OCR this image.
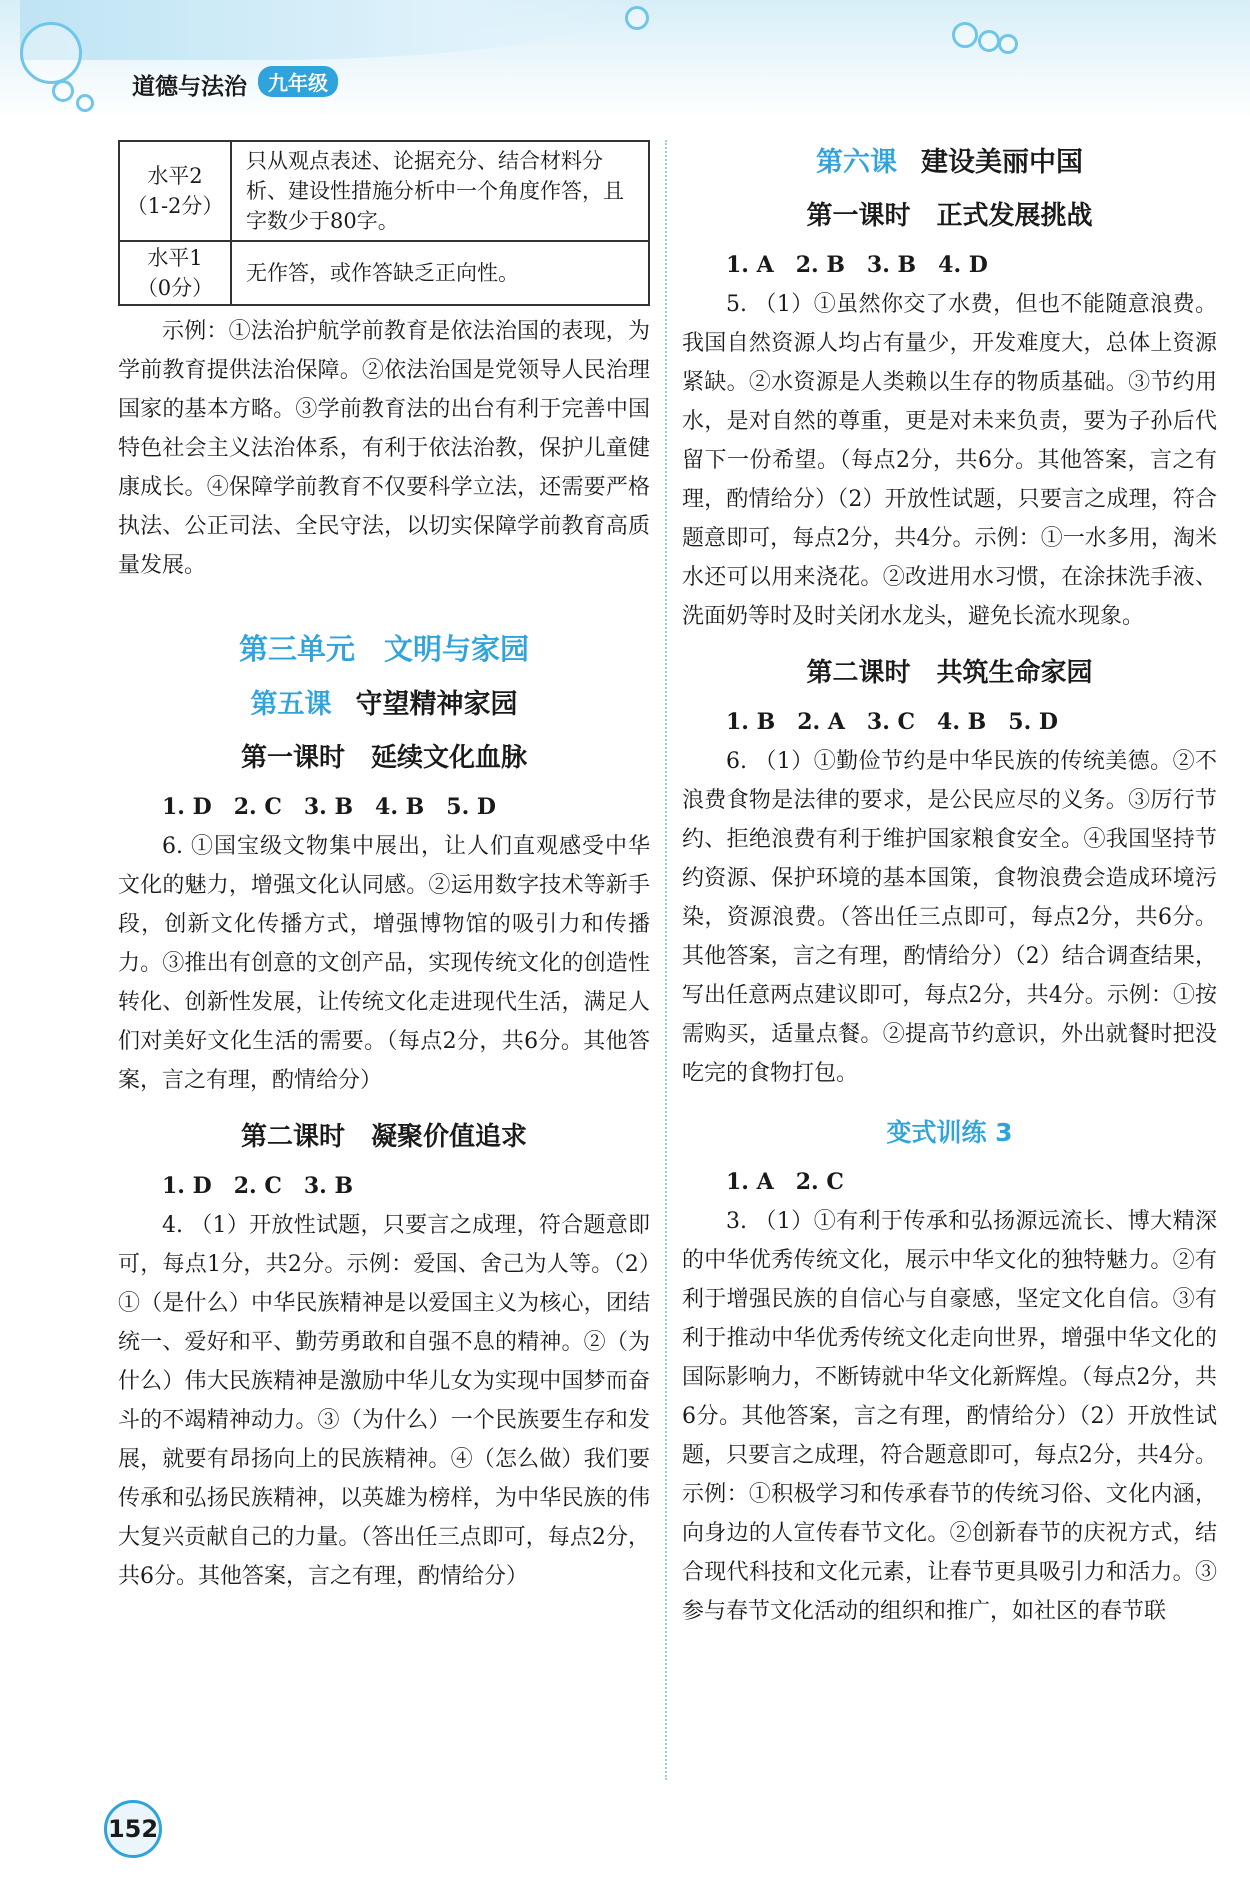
道德与法治	九年级
水平2
（1-2分）	只从观点表述、论据充分、结合材料分析、建设性措施分析中一个角度作答，且字数少于80字。

水平1
（0分）	无作答，或作答缺乏正向性。

示例：①法治护航学前教育是依法治国的表现，为学前教育提供法治保障。②依法治国是党领导人民治理国家的基本方略。③学前教育法的出台有利于完善中国特色社会主义法治体系，有利于依法治教，保护儿童健康成长。④保障学前教育不仅要科学立法，还需要严格执法、公正司法、全民守法，以切实保障学前教育高质量发展。

第三单元　 文明与家园
第五课 守望精神家园
第一课时 延续文化血脉

1. D　2. C　3. B　4. B　5. D

6. ①国宝级文物集中展出，让人们直观感受中华文化的魅力，增强文化认同感。②运用数字技术等新手段，创新文化传播方式，增强博物馆的吸引力和传播力。③推出有创意的文创产品，实现传统文化的创造性转化、创新性发展，让传统文化走进现代生活，满足人们对美好文化生活的需要。（每点2分，共6分。其他答案，言之有理，酌情给分）

第二课时 凝聚价值追求

1. D　2. C　3. B

4. （1）开放性试题，只要言之成理，符合题意即可，每点1分，共2分。示例：爱国、舍己为人等。（2）①（是什么）中华民族精神是以爱国主义为核心，团结统一、爱好和平、勤劳勇敢和自强不息的精神。②（为什么）伟大民族精神是激励中华儿女为实现中国梦而奋斗的不竭精神动力。③（为什么）一个民族要生存和发展，就要有昂扬向上的民族精神。④（怎么做）我们要传承和弘扬民族精神，以英雄为榜样，为中华民族的伟大复兴贡献自己的力量。（答出任三点即可，每点2分，共6分。其他答案，言之有理，酌情给分）

第六课 建设美丽中国
第一课时 正式发展挑战

1. A　2. B　3. B　4. D

5. （1）①虽然你交了水费，但也不能随意浪费。我国自然资源人均占有量少，开发难度大，总体上资源紧缺。②水资源是人类赖以生存的物质基础。③节约用水，是对自然的尊重，更是对未来负责，要为子孙后代留下一份希望。（每点2分，共6分。其他答案，言之有理，酌情给分）（2）开放性试题，只要言之成理，符合题意即可，每点2分，共4分。示例：①一水多用，淘米水还可以用来浇花。②改进用水习惯，在涂抹洗手液、洗面奶等时及时关闭水龙头，避免长流水现象。

第二课时 共筑生命家园

1. B　2. A　3. C　4. B　5. D

6. （1）①勤俭节约是中华民族的传统美德。②不浪费食物是法律的要求，是公民应尽的义务。③厉行节约、拒绝浪费有利于维护国家粮食安全。④我国坚持节约资源、保护环境的基本国策，食物浪费会造成环境污染，资源浪费。（答出任三点即可，每点2分，共6分。其他答案，言之有理，酌情给分）（2）结合调查结果，写出任意两点建议即可，每点2分，共4分。示例：①按需购买，适量点餐。②提高节约意识，外出就餐时把没吃完的食物打包。

变式训练 3

1. A　2. C

3. （1）①有利于传承和弘扬源远流长、博大精深的中华优秀传统文化，展示中华文化的独特魅力。②有利于增强民族的自信心与自豪感，坚定文化自信。③有利于推动中华优秀传统文化走向世界，增强中华文化的国际影响力，不断铸就中华文化新辉煌。（每点2分，共6分。其他答案，言之有理，酌情给分）（2）开放性试题，只要言之成理，符合题意即可，每点2分，共4分。示例：①积极学习和传承春节的传统习俗、文化内涵，向身边的人宣传春节文化。②创新春节的庆祝方式，结合现代科技和文化元素，让春节更具吸引力和活力。③参与春节文化活动的组织和推广，如社区的春节联

152
